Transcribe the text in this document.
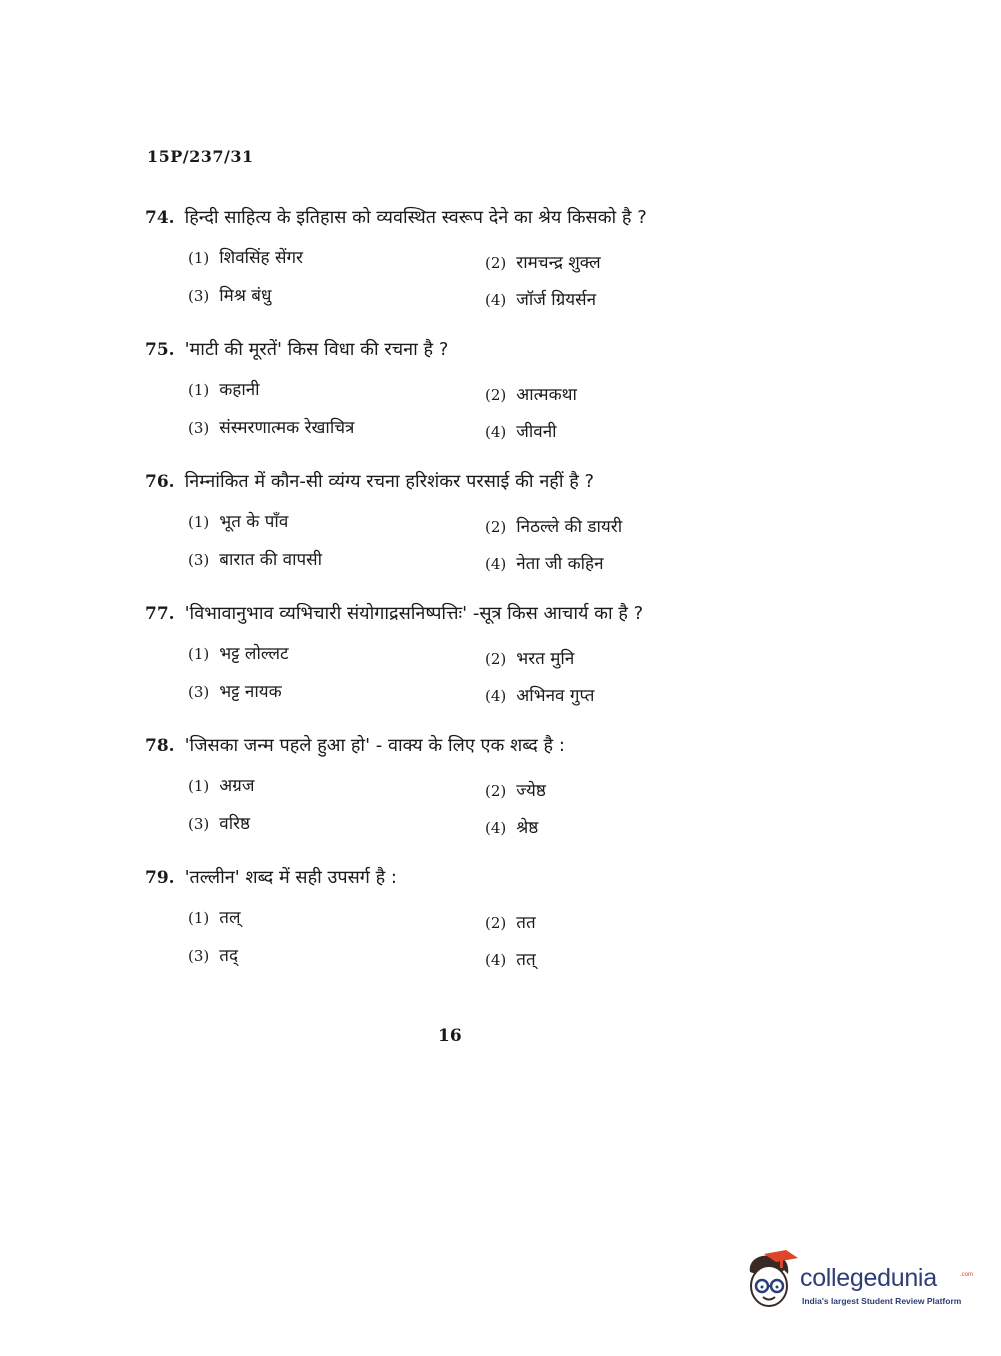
15P/237/31
74. हिन्दी साहित्य के इतिहास को व्यवस्थित स्वरूप देने का श्रेय किसको है ?
(1) शिवसिंह सेंगर	(2) रामचन्द्र शुक्ल
(3) मिश्र बंधु	(4) जॉर्ज ग्रियर्सन
75. 'माटी की मूरतें' किस विधा की रचना है ?
(1) कहानी	(2) आत्मकथा
(3) संस्मरणात्मक रेखाचित्र	(4) जीवनी
76. निम्नांकित में कौन-सी व्यंग्य रचना हरिशंकर परसाई की नहीं है ?
(1) भूत के पाँव	(2) निठल्ले की डायरी
(3) बारात की वापसी	(4) नेता जी कहिन
77. 'विभावानुभाव व्यभिचारी संयोगाद्रसनिष्पत्तिः' -सूत्र किस आचार्य का है ?
(1) भट्ट लोल्लट	(2) भरत मुनि
(3) भट्ट नायक	(4) अभिनव गुप्त
78. 'जिसका जन्म पहले हुआ हो' - वाक्य के लिए एक शब्द है :
(1) अग्रज	(2) ज्येष्ठ
(3) वरिष्ठ	(4) श्रेष्ठ
79. 'तल्लीन' शब्द में सही उपसर्ग है :
(1) तल्	(2) तत
(3) तद्	(4) तत्
16
collegedunia	.com
India's largest Student Review Platform
